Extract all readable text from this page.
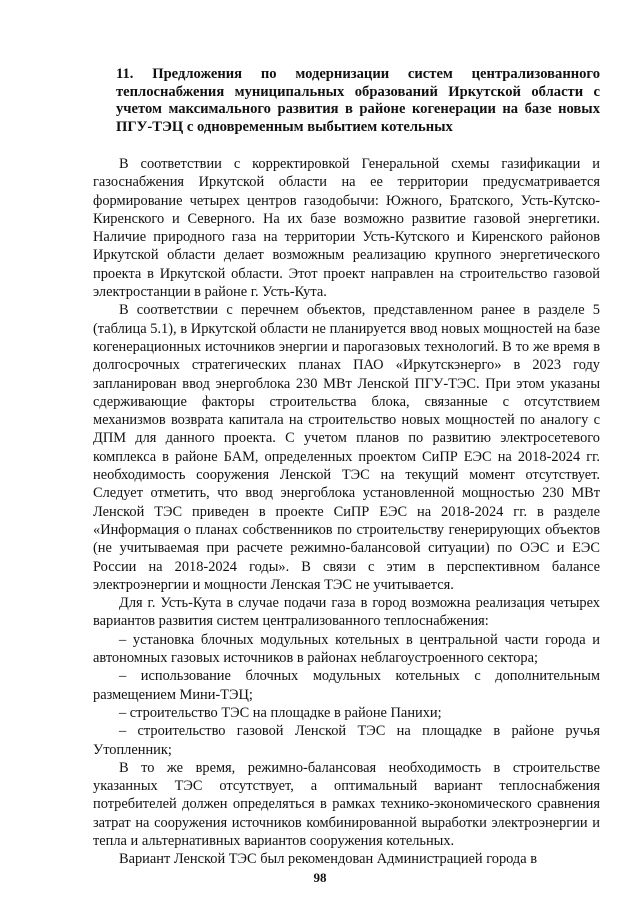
11. Предложения по модернизации систем централизованного теплоснабжения муниципальных образований Иркутской области с учетом максимального развития в районе когенерации на базе новых ПГУ-ТЭЦ с одновременным выбытием котельных

В соответствии с корректировкой Генеральной схемы газификации и газоснабжения Иркутской области на ее территории предусматривается формирование четырех центров газодобычи: Южного, Братского, Усть-Кутско-Киренского и Северного. На их базе возможно развитие газовой энергетики. Наличие природного газа на территории Усть-Кутского и Киренского районов Иркутской области делает возможным реализацию крупного энергетического проекта в Иркутской области. Этот проект направлен на строительство газовой электростанции в районе г. Усть-Кута.

В соответствии с перечнем объектов, представленном ранее в разделе 5 (таблица 5.1), в Иркутской области не планируется ввод новых мощностей на базе когенерационных источников энергии и парогазовых технологий. В то же время в долгосрочных стратегических планах ПАО «Иркутскэнерго» в 2023 году запланирован ввод энергоблока 230 МВт Ленской ПГУ-ТЭС. При этом указаны сдерживающие факторы строительства блока, связанные с отсутствием механизмов возврата капитала на строительство новых мощностей по аналогу с ДПМ для данного проекта. С учетом планов по развитию электросетевого комплекса в районе БАМ, определенных проектом СиПР ЕЭС на 2018-2024 гг. необходимость сооружения Ленской ТЭС на текущий момент отсутствует. Следует отметить, что ввод энергоблока установленной мощностью 230 МВт Ленской ТЭС приведен в проекте СиПР ЕЭС на 2018-2024 гг. в разделе «Информация о планах собственников по строительству генерирующих объектов (не учитываемая при расчете режимно-балансовой ситуации) по ОЭС и ЕЭС России на 2018-2024 годы». В связи с этим в перспективном балансе электроэнергии и мощности Ленская ТЭС не учитывается.

Для г. Усть-Кута в случае подачи газа в город возможна реализация четырех вариантов развития систем централизованного теплоснабжения:

– установка блочных модульных котельных в центральной части города и автономных газовых источников в районах неблагоустроенного сектора;

– использование блочных модульных котельных с дополнительным размещением Мини-ТЭЦ;

– строительство ТЭС на площадке в районе Панихи;

– строительство газовой Ленской ТЭС на площадке в районе ручья Утопленник;

В то же время, режимно-балансовая необходимость в строительстве указанных ТЭС отсутствует, а оптимальный вариант теплоснабжения потребителей должен определяться в рамках технико-экономического сравнения затрат на сооружения источников комбинированной выработки электроэнергии и тепла и альтернативных вариантов сооружения котельных.

Вариант Ленской ТЭС был рекомендован Администрацией города в

98
